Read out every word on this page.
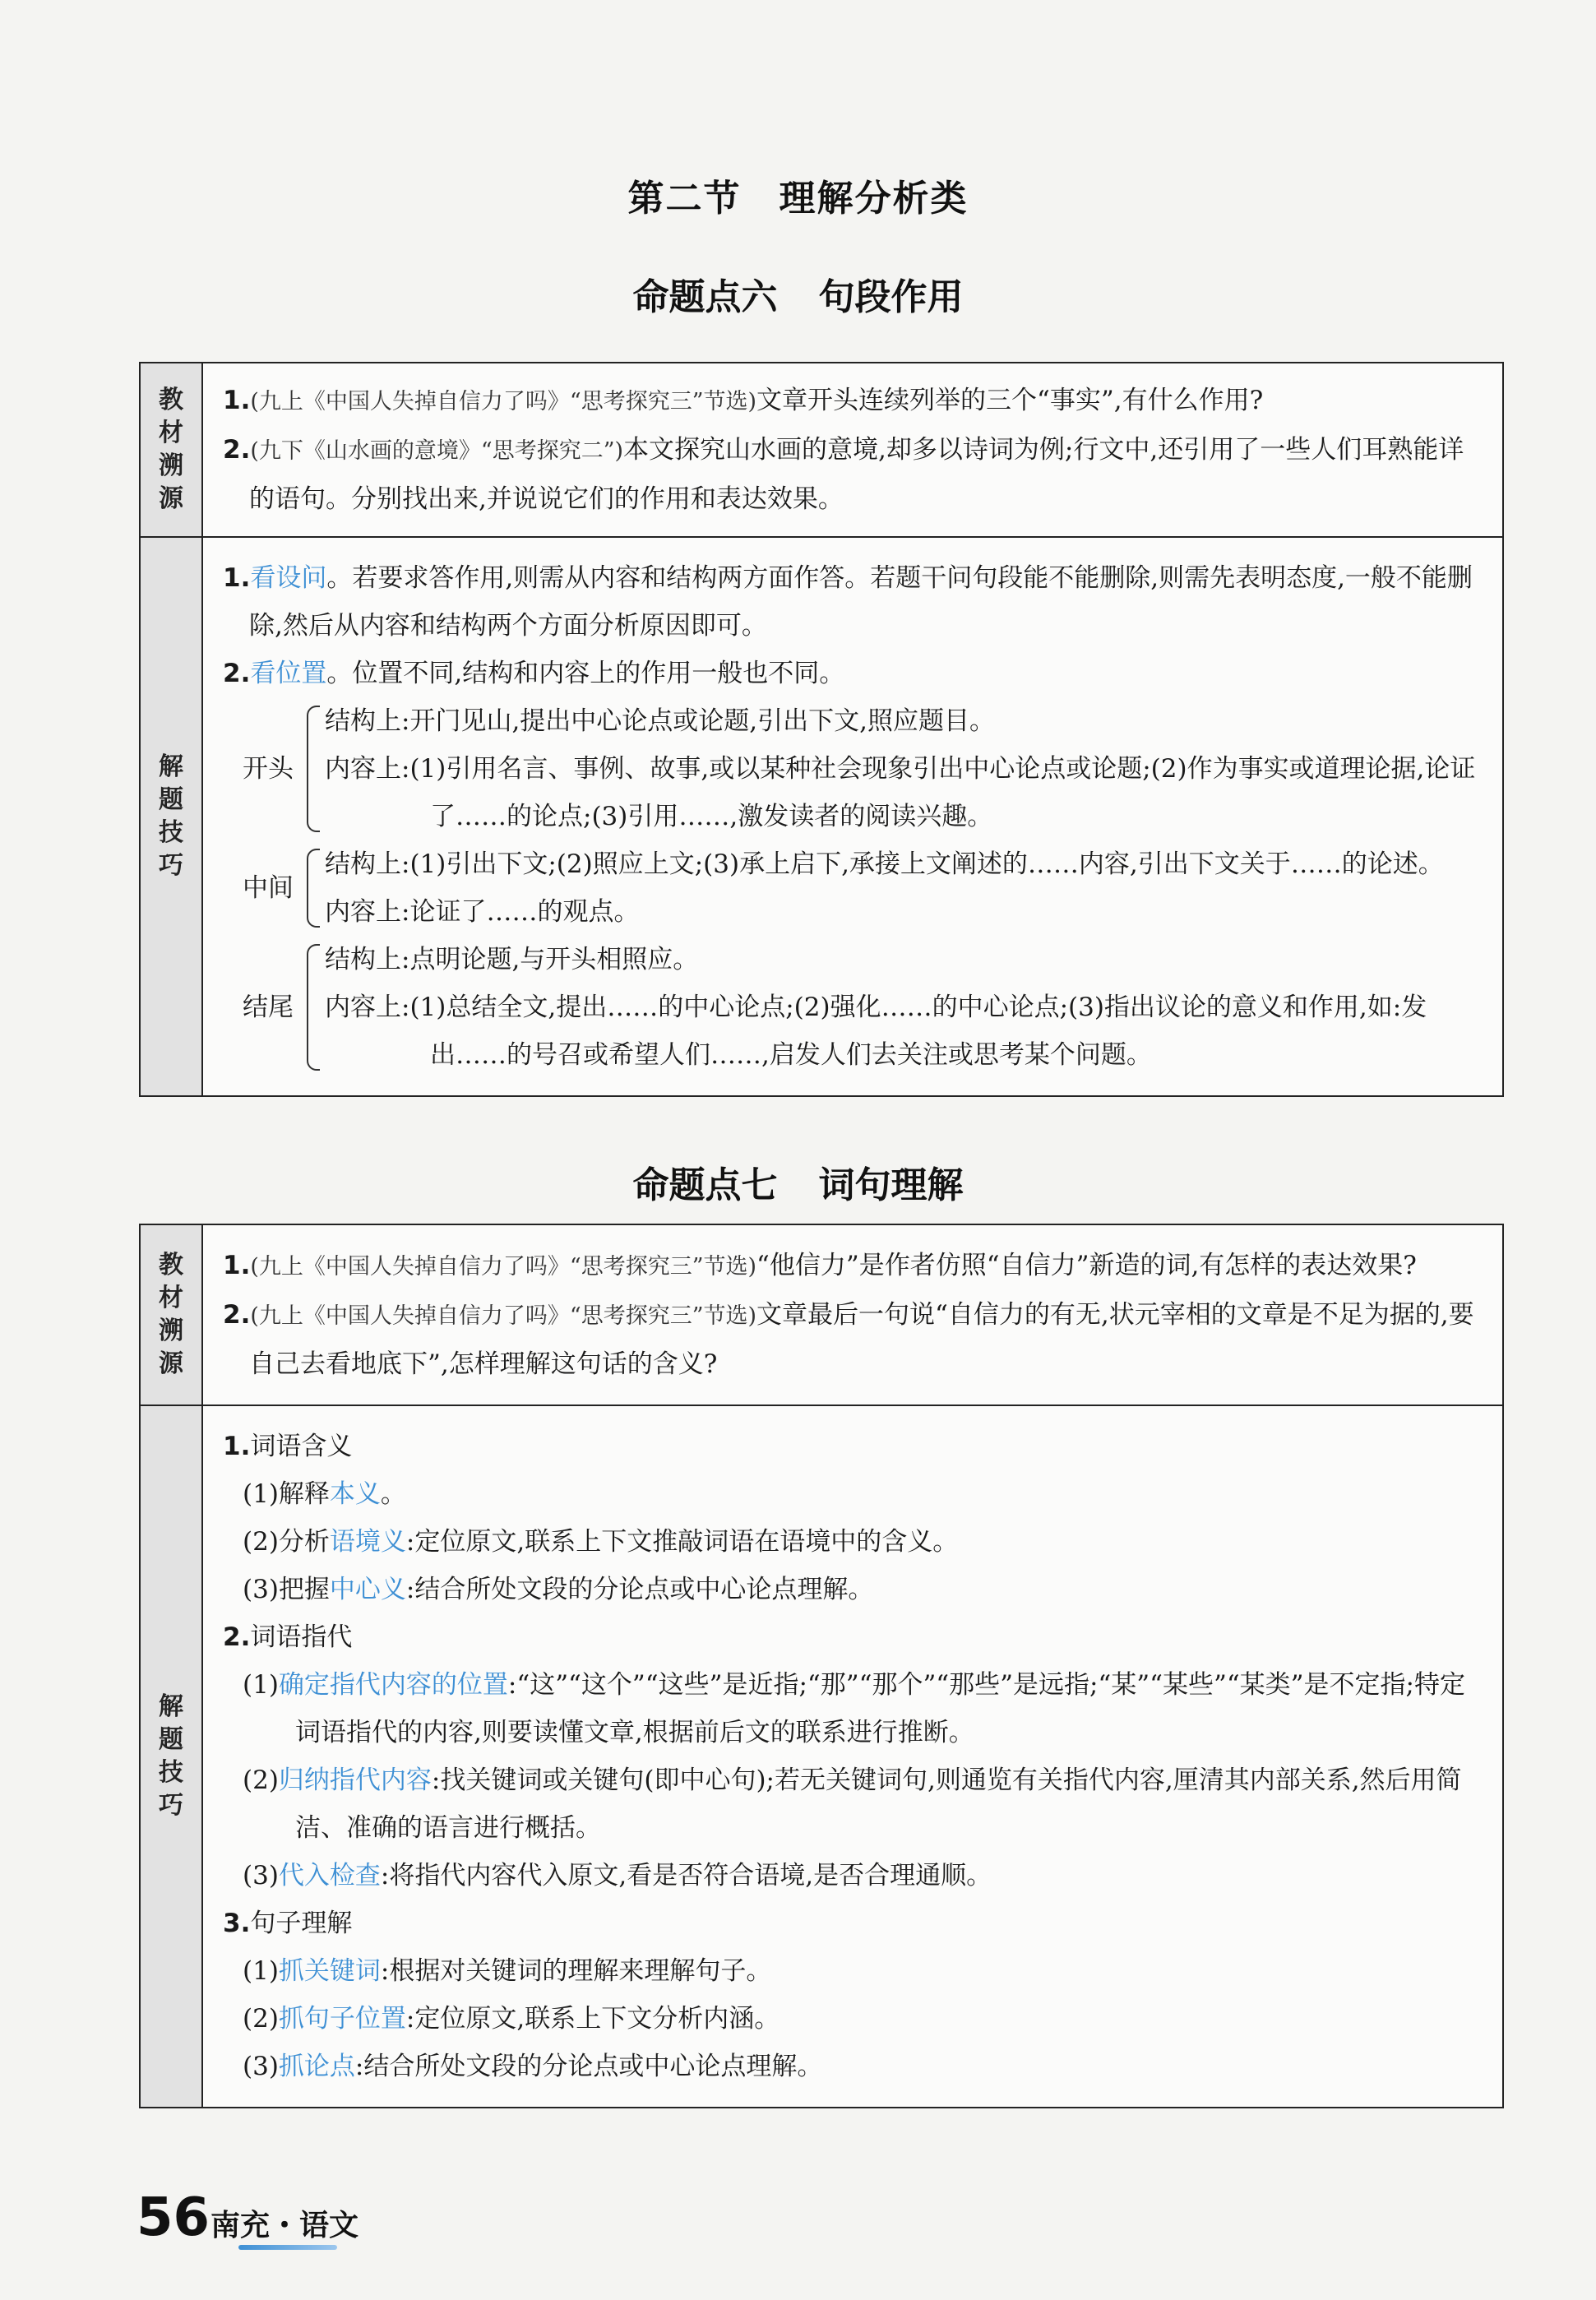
第二节　理解分析类
命题点六 句段作用
教材溯源

1.(九上《中国人失掉自信力了吗》“思考探究三”节选)文章开头连续列举的三个“事实”,有什么作用?

2.(九下《山水画的意境》“思考探究二”)本文探究山水画的意境,却多以诗词为例;行文中,还引用了一些人们耳熟能详的语句。分别找出来,并说说它们的作用和表达效果。

解题技巧

1.看设问。若要求答作用,则需从内容和结构两方面作答。若题干问句段能不能删除,则需先表明态度,一般不能删除,然后从内容和结构两个方面分析原因即可。

2.看位置。位置不同,结构和内容上的作用一般也不同。

开头

结构上:开门见山,提出中心论点或论题,引出下文,照应题目。

内容上:(1)引用名言、事例、故事,或以某种社会现象引出中心论点或论题;(2)作为事实或道理论据,论证了……的论点;(3)引用……,激发读者的阅读兴趣。

中间

结构上:(1)引出下文;(2)照应上文;(3)承上启下,承接上文阐述的……内容,引出下文关于……的论述。

内容上:论证了……的观点。

结尾

结构上:点明论题,与开头相照应。

内容上:(1)总结全文,提出……的中心论点;(2)强化……的中心论点;(3)指出议论的意义和作用,如:发出……的号召或希望人们……,启发人们去关注或思考某个问题。

命题点七 词句理解
教材溯源

1.(九上《中国人失掉自信力了吗》“思考探究三”节选)“他信力”是作者仿照“自信力”新造的词,有怎样的表达效果?

2.(九上《中国人失掉自信力了吗》“思考探究三”节选)文章最后一句说“自信力的有无,状元宰相的文章是不足为据的,要自己去看地底下”,怎样理解这句话的含义?

解题技巧

1.词语含义

(1)解释本义。

(2)分析语境义:定位原文,联系上下文推敲词语在语境中的含义。

(3)把握中心义:结合所处文段的分论点或中心论点理解。

2.词语指代

(1)确定指代内容的位置:“这”“这个”“这些”是近指;“那”“那个”“那些”是远指;“某”“某些”“某类”是不定指;特定词语指代的内容,则要读懂文章,根据前后文的联系进行推断。

(2)归纳指代内容:找关键词或关键句(即中心句);若无关键词句,则通览有关指代内容,厘清其内部关系,然后用简洁、准确的语言进行概括。

(3)代入检查:将指代内容代入原文,看是否符合语境,是否合理通顺。

3.句子理解

(1)抓关键词:根据对关键词的理解来理解句子。

(2)抓句子位置:定位原文,联系上下文分析内涵。

(3)抓论点:结合所处文段的分论点或中心论点理解。

56 南充・语文
